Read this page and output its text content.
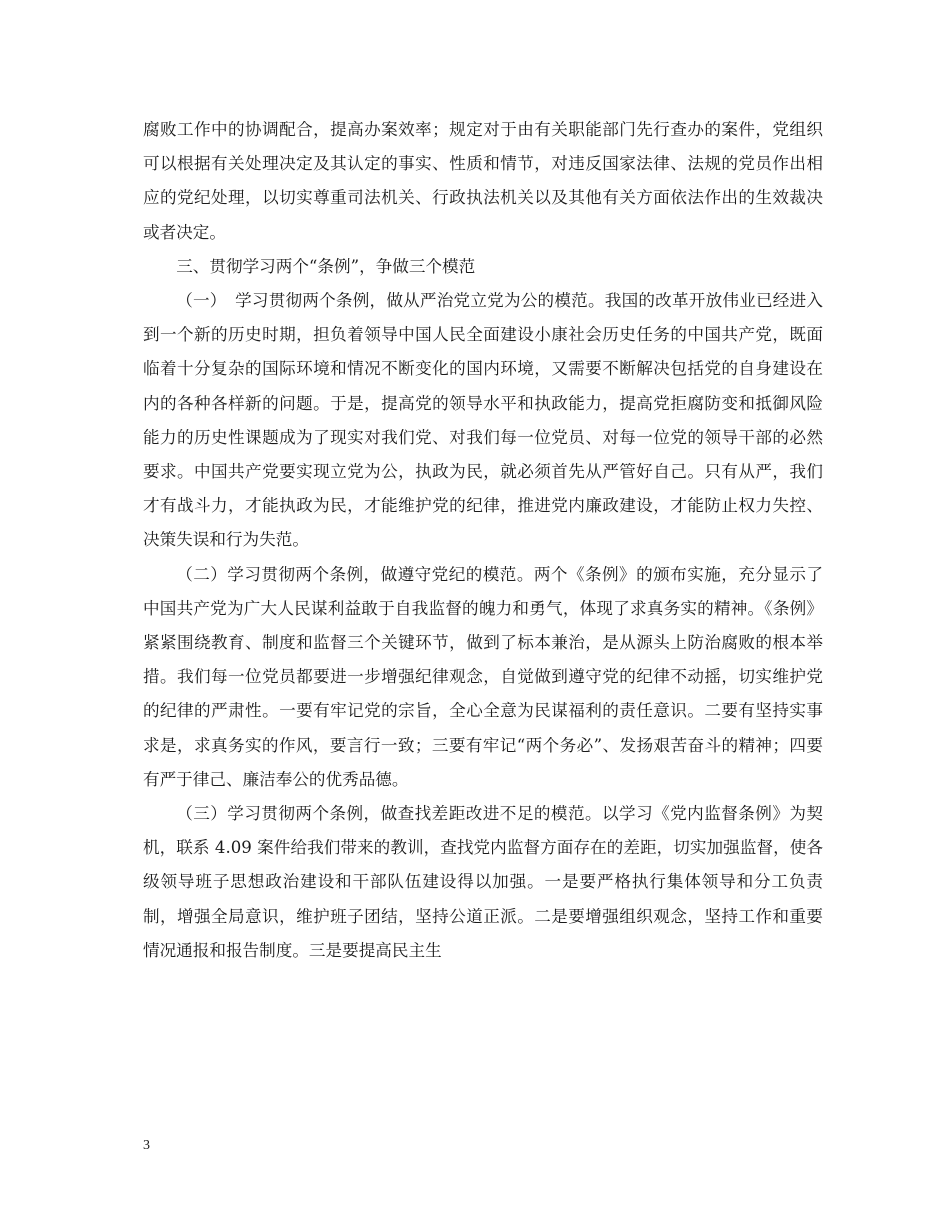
腐败工作中的协调配合，提高办案效率；规定对于由有关职能部门先行查办的案件，党组织可以根据有关处理决定及其认定的事实、性质和情节，对违反国家法律、法规的党员作出相应的党纪处理，以切实尊重司法机关、行政执法机关以及其他有关方面依法作出的生效裁决或者决定。

三、贯彻学习两个“条例”，争做三个模范

（一）　学习贯彻两个条例，做从严治党立党为公的模范。我国的改革开放伟业已经进入到一个新的历史时期，担负着领导中国人民全面建设小康社会历史任务的中国共产党，既面临着十分复杂的国际环境和情况不断变化的国内环境，又需要不断解决包括党的自身建设在内的各种各样新的问题。于是，提高党的领导水平和执政能力，提高党拒腐防变和抵御风险能力的历史性课题成为了现实对我们党、对我们每一位党员、对每一位党的领导干部的必然要求。中国共产党要实现立党为公，执政为民，就必须首先从严管好自己。只有从严，我们才有战斗力，才能执政为民，才能维护党的纪律，推进党内廉政建设，才能防止权力失控、决策失误和行为失范。

（二）学习贯彻两个条例，做遵守党纪的模范。两个《条例》的颁布实施，充分显示了中国共产党为广大人民谋利益敢于自我监督的魄力和勇气，体现了求真务实的精神。《条例》紧紧围绕教育、制度和监督三个关键环节，做到了标本兼治，是从源头上防治腐败的根本举措。我们每一位党员都要进一步增强纪律观念，自觉做到遵守党的纪律不动摇，切实维护党的纪律的严肃性。一要有牢记党的宗旨，全心全意为民谋福利的责任意识。二要有坚持实事求是，求真务实的作风，要言行一致；三要有牢记“两个务必”、发扬艰苦奋斗的精神；四要有严于律己、廉洁奉公的优秀品德。

（三）学习贯彻两个条例，做查找差距改进不足的模范。以学习《党内监督条例》为契机，联系 4.09 案件给我们带来的教训，查找党内监督方面存在的差距，切实加强监督，使各级领导班子思想政治建设和干部队伍建设得以加强。一是要严格执行集体领导和分工负责制，增强全局意识，维护班子团结，坚持公道正派。二是要增强组织观念，坚持工作和重要情况通报和报告制度。三是要提高民主生

3
